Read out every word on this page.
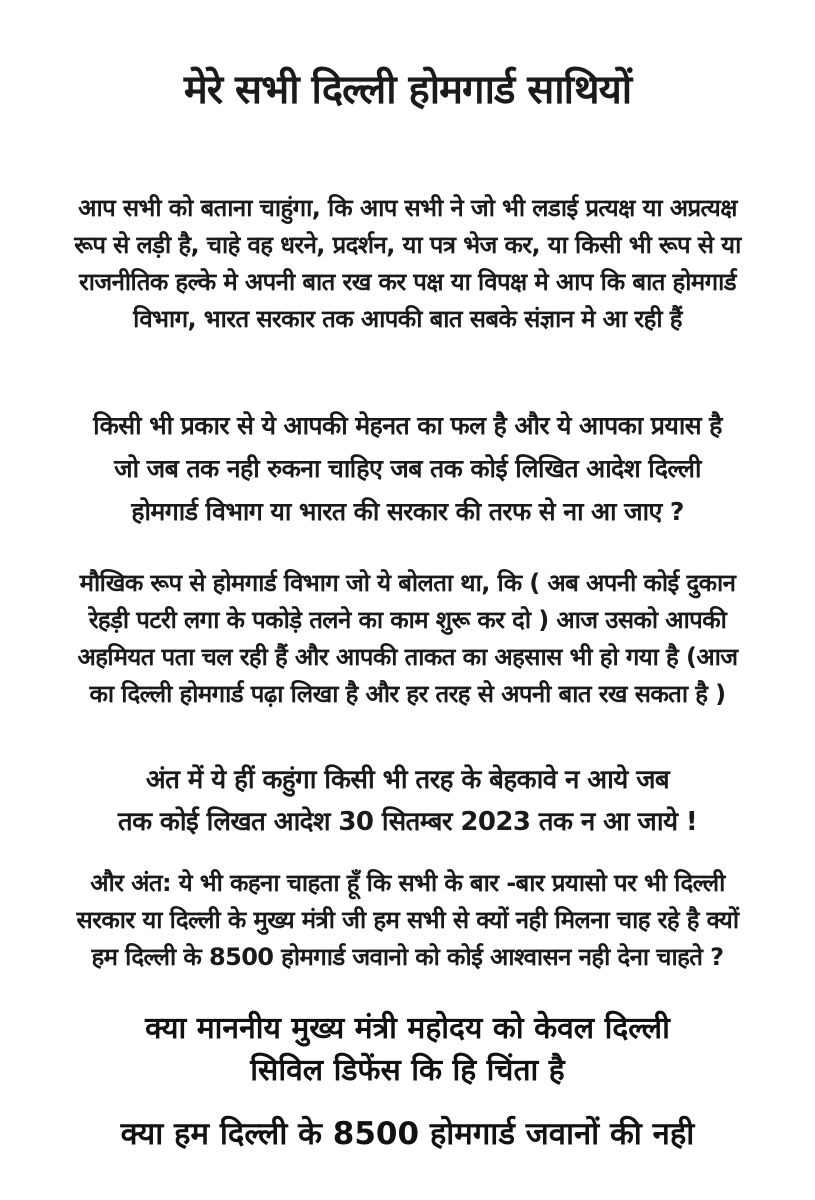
मेरे सभी दिल्ली होमगार्ड साथियों
आप सभी को बताना चाहुंगा, कि आप सभी ने जो भी लडाई प्रत्यक्ष या अप्रत्यक्ष
रूप से लड़ी है, चाहे वह धरने, प्रदर्शन, या पत्र भेज कर, या किसी भी रूप से या
राजनीतिक हल्के मे अपनी बात रख कर पक्ष या विपक्ष मे आप कि बात होमगार्ड
विभाग, भारत सरकार तक आपकी बात सबके संज्ञान मे आ रही हैं
किसी भी प्रकार से ये आपकी मेहनत का फल है और ये आपका प्रयास है
जो जब तक नही रुकना चाहिए जब तक कोई लिखित आदेश दिल्ली
होमगार्ड विभाग या भारत की सरकार की तरफ से ना आ जाए ?
मौखिक रूप से होमगार्ड विभाग जो ये बोलता था, कि ( अब अपनी कोई दुकान
रेहड़ी पटरी लगा के पकोड़े तलने का काम शुरू कर दो ) आज उसको आपकी
अहमियत पता चल रही हैं और आपकी ताकत का अहसास भी हो गया है (आज
का दिल्ली होमगार्ड पढ़ा लिखा है और हर तरह से अपनी बात रख सकता है )
अंत में ये हीं कहुंगा किसी भी तरह के बेहकावे न आये जब
तक कोई लिखत आदेश 30 सितम्बर 2023 तक न आ जाये !
और अंत: ये भी कहना चाहता हूँ कि सभी के बार -बार प्रयासो पर भी दिल्ली
सरकार या दिल्ली के मुख्य मंत्री जी हम सभी से क्यों नही मिलना चाह रहे है क्यों
हम दिल्ली के 8500 होमगार्ड जवानो को कोई आश्वासन नही देना चाहते ?
क्या माननीय मुख्य मंत्री महोदय को केवल दिल्ली
सिविल डिफेंस कि हि चिंता है
क्या हम दिल्ली के 8500 होमगार्ड जवानों की नही
